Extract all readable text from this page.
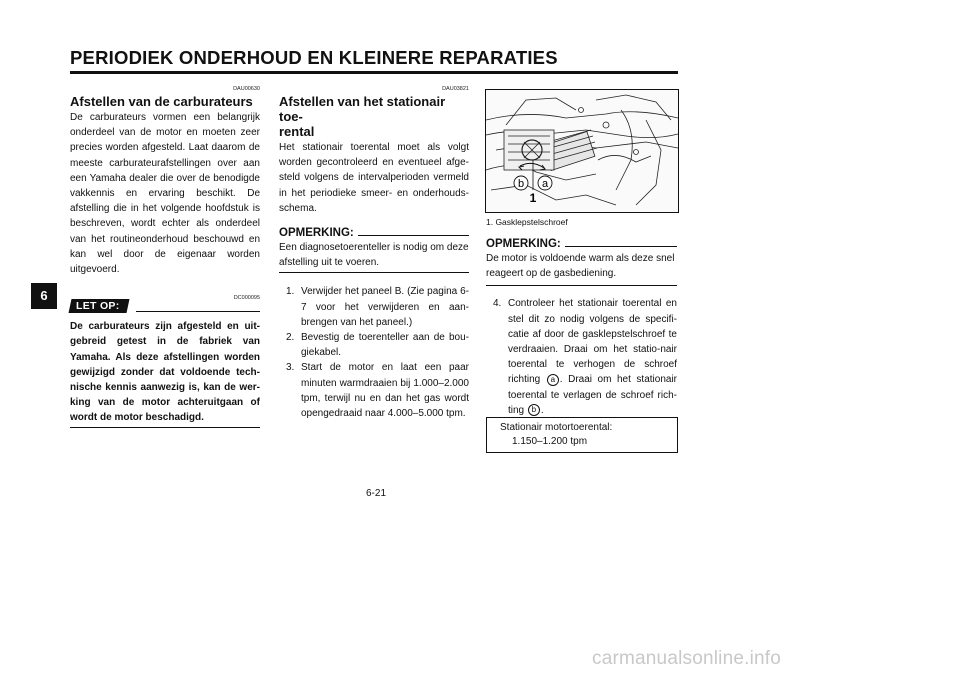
PERIODIEK ONDERHOUD EN KLEINERE REPARATIES
6
DAU00630
Afstellen van de carburateurs
De carburateurs vormen een belangrijk onderdeel van de motor en moeten zeer precies worden afgesteld. Laat daarom de meeste carburateurafstellingen over aan een Yamaha dealer die over de benodigde vakkennis en ervaring beschikt. De afstelling die in het volgende hoofdstuk is beschreven, wordt echter als onderdeel van het routineonderhoud beschouwd en kan wel door de eigenaar worden uitgevoerd.
DC000095
LET OP:
De carburateurs zijn afgesteld en uit-gebreid getest in de fabriek van Yamaha. Als deze afstellingen worden gewijzigd zonder dat voldoende tech-nische kennis aanwezig is, kan de wer-king van de motor achteruitgaan of wordt de motor beschadigd.
DAU03821
Afstellen van het stationair toe-
rental
Het stationair toerental moet als volgt worden gecontroleerd en eventueel afge-steld volgens de intervalperioden vermeld in het periodieke smeer- en onderhouds-schema.
OPMERKING:
Een diagnosetoerenteller is nodig om deze afstelling uit te voeren.
1. Verwijder het paneel B. (Zie pagina 6-7 voor het verwijderen en aan-brengen van het paneel.)
2. Bevestig de toerenteller aan de bou-giekabel.
3. Start de motor en laat een paar minuten warmdraaien bij 1.000–2.000 tpm, terwijl nu en dan het gas wordt opengedraaid naar 4.000–5.000 tpm.
b a
1
1. Gasklepstelschroef
OPMERKING:
De motor is voldoende warm als deze snel reageert op de gasbediening.
4. Controleer het stationair toerental en stel dit zo nodig volgens de specifi-catie af door de gasklepstelschroef te verdraaien. Draai om het statio-nair toerental te verhogen de schroef richting a . Draai om het stationair toerental te verlagen de schroef rich-ting b .
Stationair motortoerental:
1.150–1.200 tpm
6-21
carmanualsonline.info
